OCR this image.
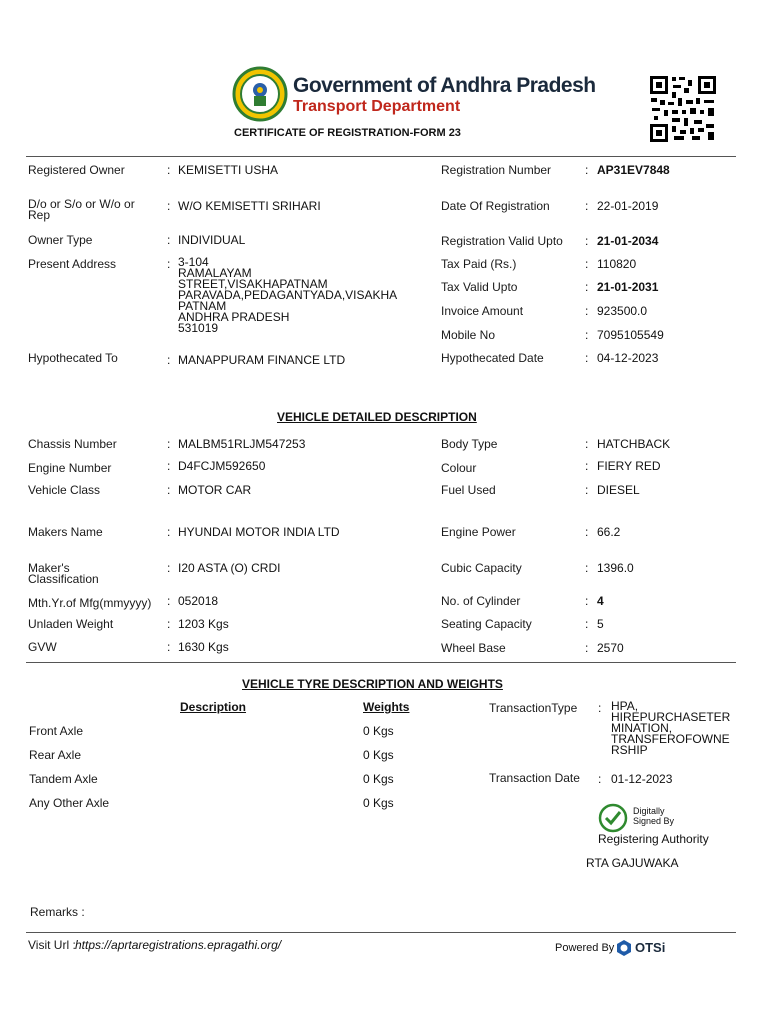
Government of Andhra Pradesh
Transport Department
CERTIFICATE OF REGISTRATION-FORM 23
Registered Owner	: KEMISETTI USHA
D/o or S/o or W/o or Rep
: W/O KEMISETTI SRIHARI
Owner Type	: INDIVIDUAL
Present Address	: 3-104
RAMALAYAM
STREET,VISAKHAPATNAM
PARAVADA,PEDAGANTYADA,VISAKHA
PATNAM
ANDHRA PRADESH
531019
Hypothecated To	: MANAPPURAM FINANCE LTD
Registration Number	: AP31EV7848
Date Of Registration	: 22-01-2019
Registration Valid Upto : 21-01-2034
Tax Paid (Rs.)	: 110820
Tax Valid Upto	: 21-01-2031
Invoice Amount	: 923500.0
Mobile No	: 7095105549
Hypothecated Date	: 04-12-2023
VEHICLE DETAILED DESCRIPTION
Chassis Number	: MALBM51RLJM547253
Engine Number	: D4FCJM592650
Vehicle Class	: MOTOR CAR
Makers Name	: HYUNDAI MOTOR INDIA LTD
Maker's Classification
: I20 ASTA (O) CRDI
Mth.Yr.of Mfg(mmyyyy) : 052018
Unladen Weight	: 1203 Kgs
GVW	: 1630 Kgs
Body Type	: HATCHBACK
Colour	: FIERY RED
Fuel Used	: DIESEL
Engine Power	: 66.2
Cubic Capacity	: 1396.0
No. of Cylinder	: 4
Seating Capacity	: 5
Wheel Base	: 2570
VEHICLE TYRE DESCRIPTION AND WEIGHTS
Description	Weights
Front Axle	0 Kgs
Rear Axle	0 Kgs
Tandem Axle	0 Kgs
Any Other Axle	0 Kgs
TransactionType : HPA,
HIREPURCHASETER
MINATION,
TRANSFEROFOWNE
RSHIP
Transaction Date : 01-12-2023
Digitally
Signed By
Registering Authority
RTA GAJUWAKA
Remarks :
Visit Url : https://aprtaregistrations.epragathi.org/	Powered By OTSi
